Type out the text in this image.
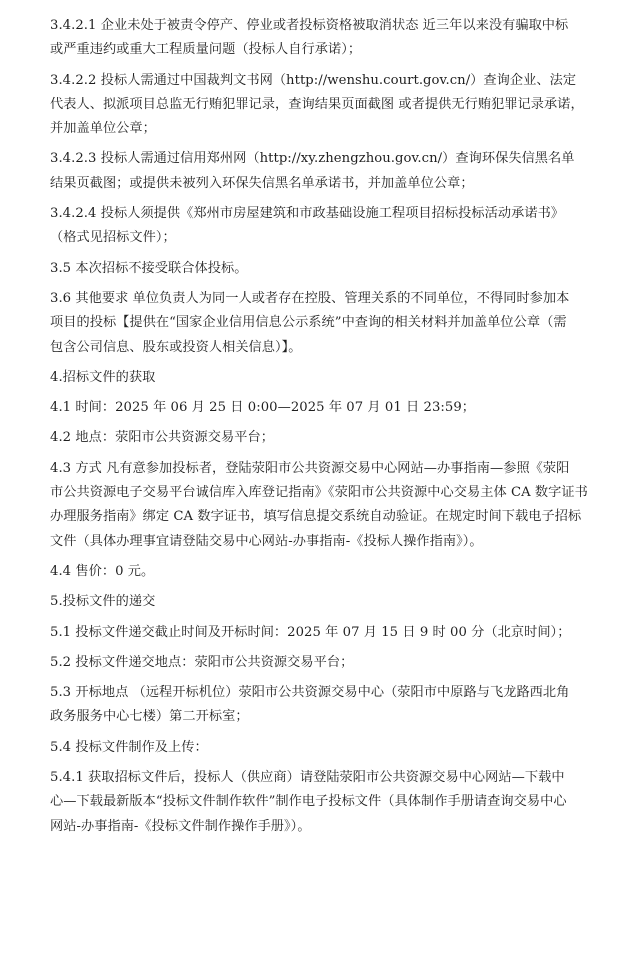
3.4.2.1 企业未处于被责令停产、停业或者投标资格被取消状态 近三年以来没有骗取中标
或严重违约或重大工程质量问题（投标人自行承诺）；

3.4.2.2 投标人需通过中国裁判文书网（http://wenshu.court.gov.cn/）查询企业、法定
代表人、拟派项目总监无行贿犯罪记录，查询结果页面截图 或者提供无行贿犯罪记录承诺，
并加盖单位公章；

3.4.2.3 投标人需通过信用郑州网（http://xy.zhengzhou.gov.cn/）查询环保失信黑名单
结果页截图；或提供未被列入环保失信黑名单承诺书，并加盖单位公章；

3.4.2.4 投标人须提供《郑州市房屋建筑和市政基础设施工程项目招标投标活动承诺书》
（格式见招标文件）；

3.5 本次招标不接受联合体投标。

3.6 其他要求 单位负责人为同一人或者存在控股、管理关系的不同单位，不得同时参加本
项目的投标【提供在“国家企业信用信息公示系统”中查询的相关材料并加盖单位公章（需
包含公司信息、股东或投资人相关信息）】。

4.招标文件的获取

4.1 时间：2025 年 06 月 25 日 0:00—2025 年 07 月 01 日 23:59；

4.2 地点：荥阳市公共资源交易平台；

4.3 方式 凡有意参加投标者，登陆荥阳市公共资源交易中心网站—办事指南—参照《荥阳
市公共资源电子交易平台诚信库入库登记指南》《荥阳市公共资源中心交易主体 CA 数字证书
办理服务指南》绑定 CA 数字证书，填写信息提交系统自动验证。在规定时间下载电子招标
文件（具体办理事宜请登陆交易中心网站-办事指南-《投标人操作指南》）。

4.4 售价：0 元。

5.投标文件的递交

5.1 投标文件递交截止时间及开标时间：2025 年 07 月 15 日 9 时 00 分（北京时间）；

5.2 投标文件递交地点：荥阳市公共资源交易平台；

5.3 开标地点 （远程开标机位）荥阳市公共资源交易中心（荥阳市中原路与飞龙路西北角
政务服务中心七楼）第二开标室；

5.4 投标文件制作及上传：

5.4.1 获取招标文件后，投标人（供应商）请登陆荥阳市公共资源交易中心网站—下载中
心—下载最新版本“投标文件制作软件”制作电子投标文件（具体制作手册请查询交易中心
网站-办事指南-《投标文件制作操作手册》）。
